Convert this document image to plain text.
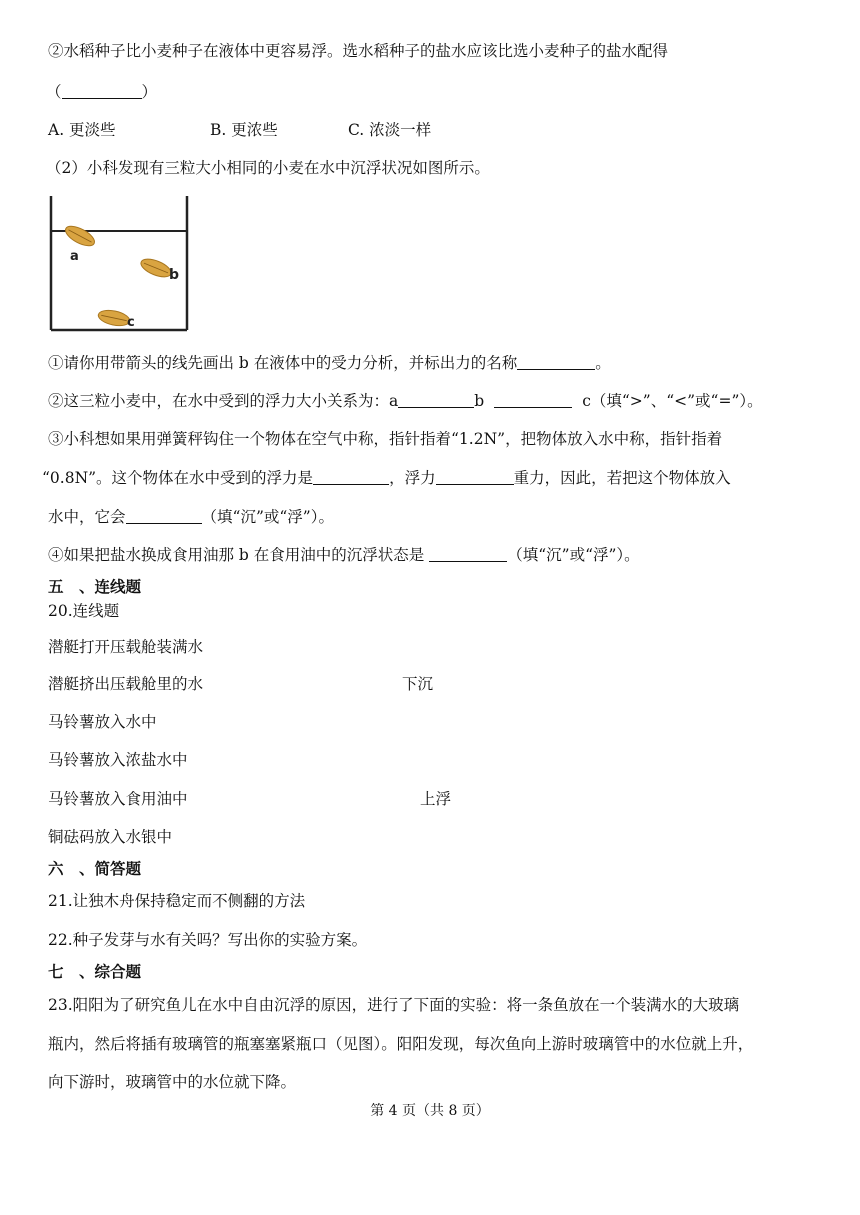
②水稻种子比小麦种子在液体中更容易浮。选水稻种子的盐水应该比选小麦种子的盐水配得
（	）
A. 更淡些	B. 更浓些	C. 浓淡一样
（2）小科发现有三粒大小相同的小麦在水中沉浮状况如图所示。
a
b
c
①请你用带箭头的线先画出 b 在液体中的受力分析，并标出力的名称	。
②这三粒小麦中，在水中受到的浮力大小关系为：a	b	c（填“>”、“<”或“=”）。
③小科想如果用弹簧秤钩住一个物体在空气中称，指针指着“1.2N”，把物体放入水中称，指针指着
“0.8N”。这个物体在水中受到的浮力是	，浮力	重力，因此，若把这个物体放入
水中，它会	（填“沉”或“浮”）。
④如果把盐水换成食用油那 b 在食用油中的沉浮状态是	（填“沉”或“浮”）。
五　、连线题
20.连线题
潜艇打开压载舱装满水
潜艇挤出压载舱里的水	下沉
马铃薯放入水中
马铃薯放入浓盐水中
马铃薯放入食用油中	上浮
铜砝码放入水银中
六　、简答题
21.让独木舟保持稳定而不侧翻的方法
22.种子发芽与水有关吗？写出你的实验方案。
七　、综合题
23.阳阳为了研究鱼儿在水中自由沉浮的原因，进行了下面的实验：将一条鱼放在一个装满水的大玻璃
瓶内，然后将插有玻璃管的瓶塞塞紧瓶口（见图）。阳阳发现，每次鱼向上游时玻璃管中的水位就上升，
向下游时，玻璃管中的水位就下降。
第 4 页（共 8 页）
